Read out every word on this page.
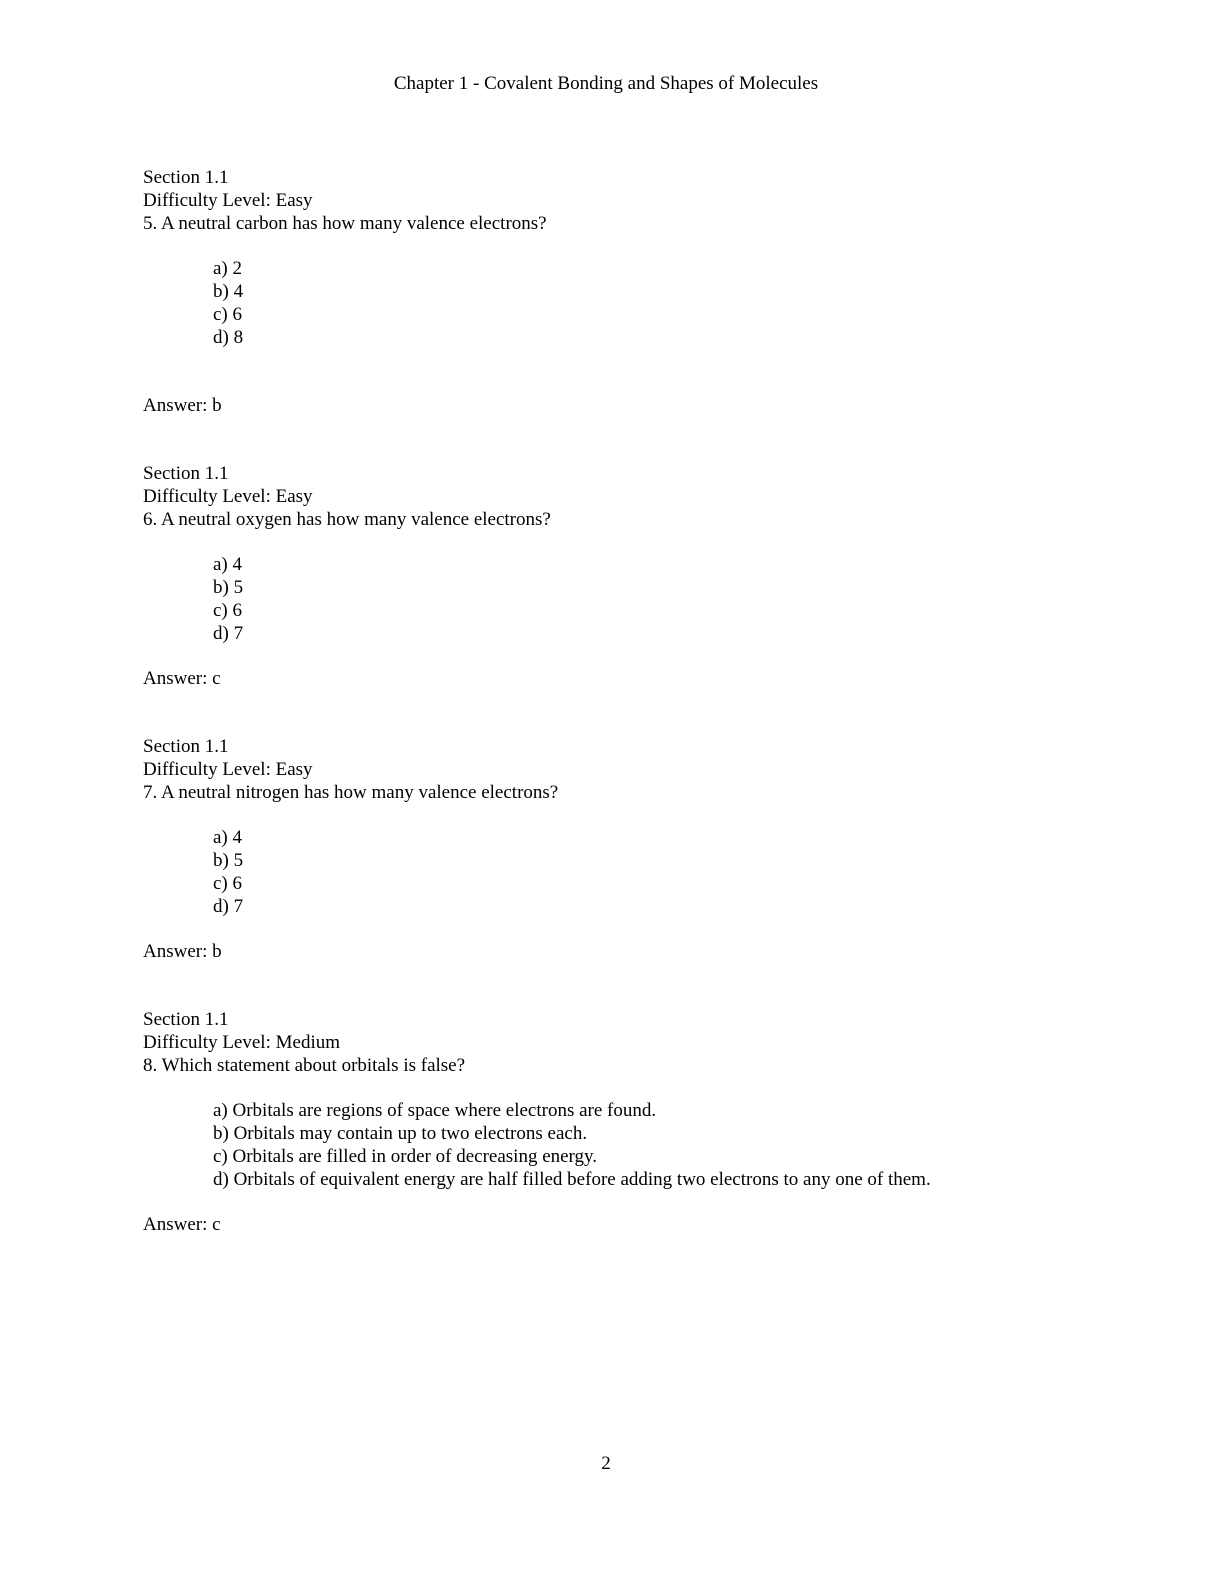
Chapter 1 - Covalent Bonding and Shapes of Molecules
Section 1.1
Difficulty Level: Easy
5. A neutral carbon has how many valence electrons?
a) 2
b) 4
c) 6
d) 8
Answer: b
Section 1.1
Difficulty Level: Easy
6. A neutral oxygen has how many valence electrons?
a) 4
b) 5
c) 6
d) 7
Answer: c
Section 1.1
Difficulty Level: Easy
7. A neutral nitrogen has how many valence electrons?
a) 4
b) 5
c) 6
d) 7
Answer: b
Section 1.1
Difficulty Level: Medium
8. Which statement about orbitals is false?
a) Orbitals are regions of space where electrons are found.
b) Orbitals may contain up to two electrons each.
c) Orbitals are filled in order of decreasing energy.
d) Orbitals of equivalent energy are half filled before adding two electrons to any one of them.
Answer: c
2
